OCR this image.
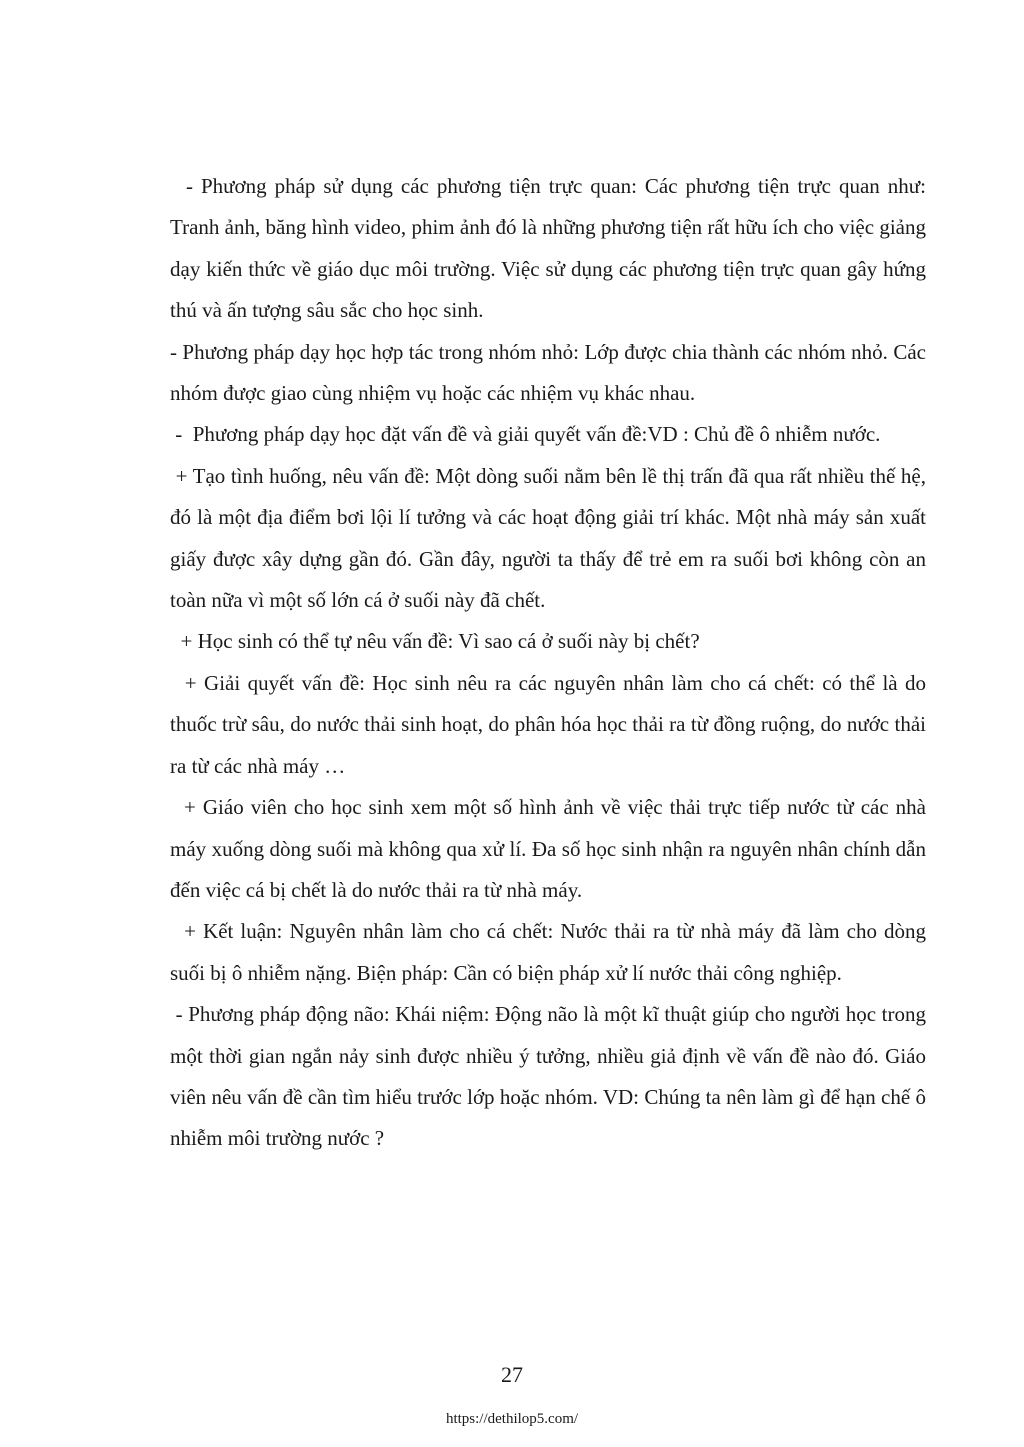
- Phương pháp sử dụng các phương tiện trực quan: Các phương tiện trực quan như: Tranh ảnh, băng hình video, phim ảnh đó là những phương tiện rất hữu ích cho việc giảng dạy kiến thức về giáo dục môi trường. Việc sử dụng các phương tiện trực quan gây hứng thú và ấn tượng sâu sắc cho học sinh.

- Phương pháp dạy học hợp tác trong nhóm nhỏ: Lớp được chia thành các nhóm nhỏ. Các nhóm được giao cùng nhiệm vụ hoặc các nhiệm vụ khác nhau.

-  Phương pháp dạy học đặt vấn đề và giải quyết vấn đề:VD : Chủ đề ô nhiễm nước.

+ Tạo tình huống, nêu vấn đề: Một dòng suối nằm bên lề thị trấn đã qua rất nhiều thế hệ, đó là một địa điểm bơi lội lí tưởng và các hoạt động giải trí khác. Một nhà máy sản xuất giấy được xây dựng gần đó. Gần đây, người ta thấy để trẻ em ra suối bơi không còn an toàn nữa vì một số lớn cá ở suối này đã chết.

+ Học sinh có thể tự nêu vấn đề: Vì sao cá ở suối này bị chết?

+ Giải quyết vấn đề: Học sinh nêu ra các nguyên nhân làm cho cá chết: có thể là do thuốc trừ sâu, do nước thải sinh hoạt, do phân hóa học thải ra từ đồng ruộng, do nước thải ra từ các nhà máy …

+ Giáo viên cho học sinh xem một số hình ảnh về việc thải trực tiếp nước từ các nhà máy xuống dòng suối mà không qua xử lí. Đa số học sinh nhận ra nguyên nhân chính dẫn đến việc cá bị chết là do nước thải ra từ nhà máy.

+ Kết luận: Nguyên nhân làm cho cá chết: Nước thải ra từ nhà máy đã làm cho dòng suối bị ô nhiễm nặng. Biện pháp: Cần có biện pháp xử lí nước thải công nghiệp.

- Phương pháp động não: Khái niệm: Động não là một kĩ thuật giúp cho người học trong một thời gian ngắn nảy sinh được nhiều ý tưởng, nhiều giả định về vấn đề nào đó. Giáo viên nêu vấn đề cần tìm hiểu trước lớp hoặc nhóm. VD: Chúng ta nên làm gì để hạn chế ô nhiễm môi trường nước ?

27
https://dethilop5.com/
